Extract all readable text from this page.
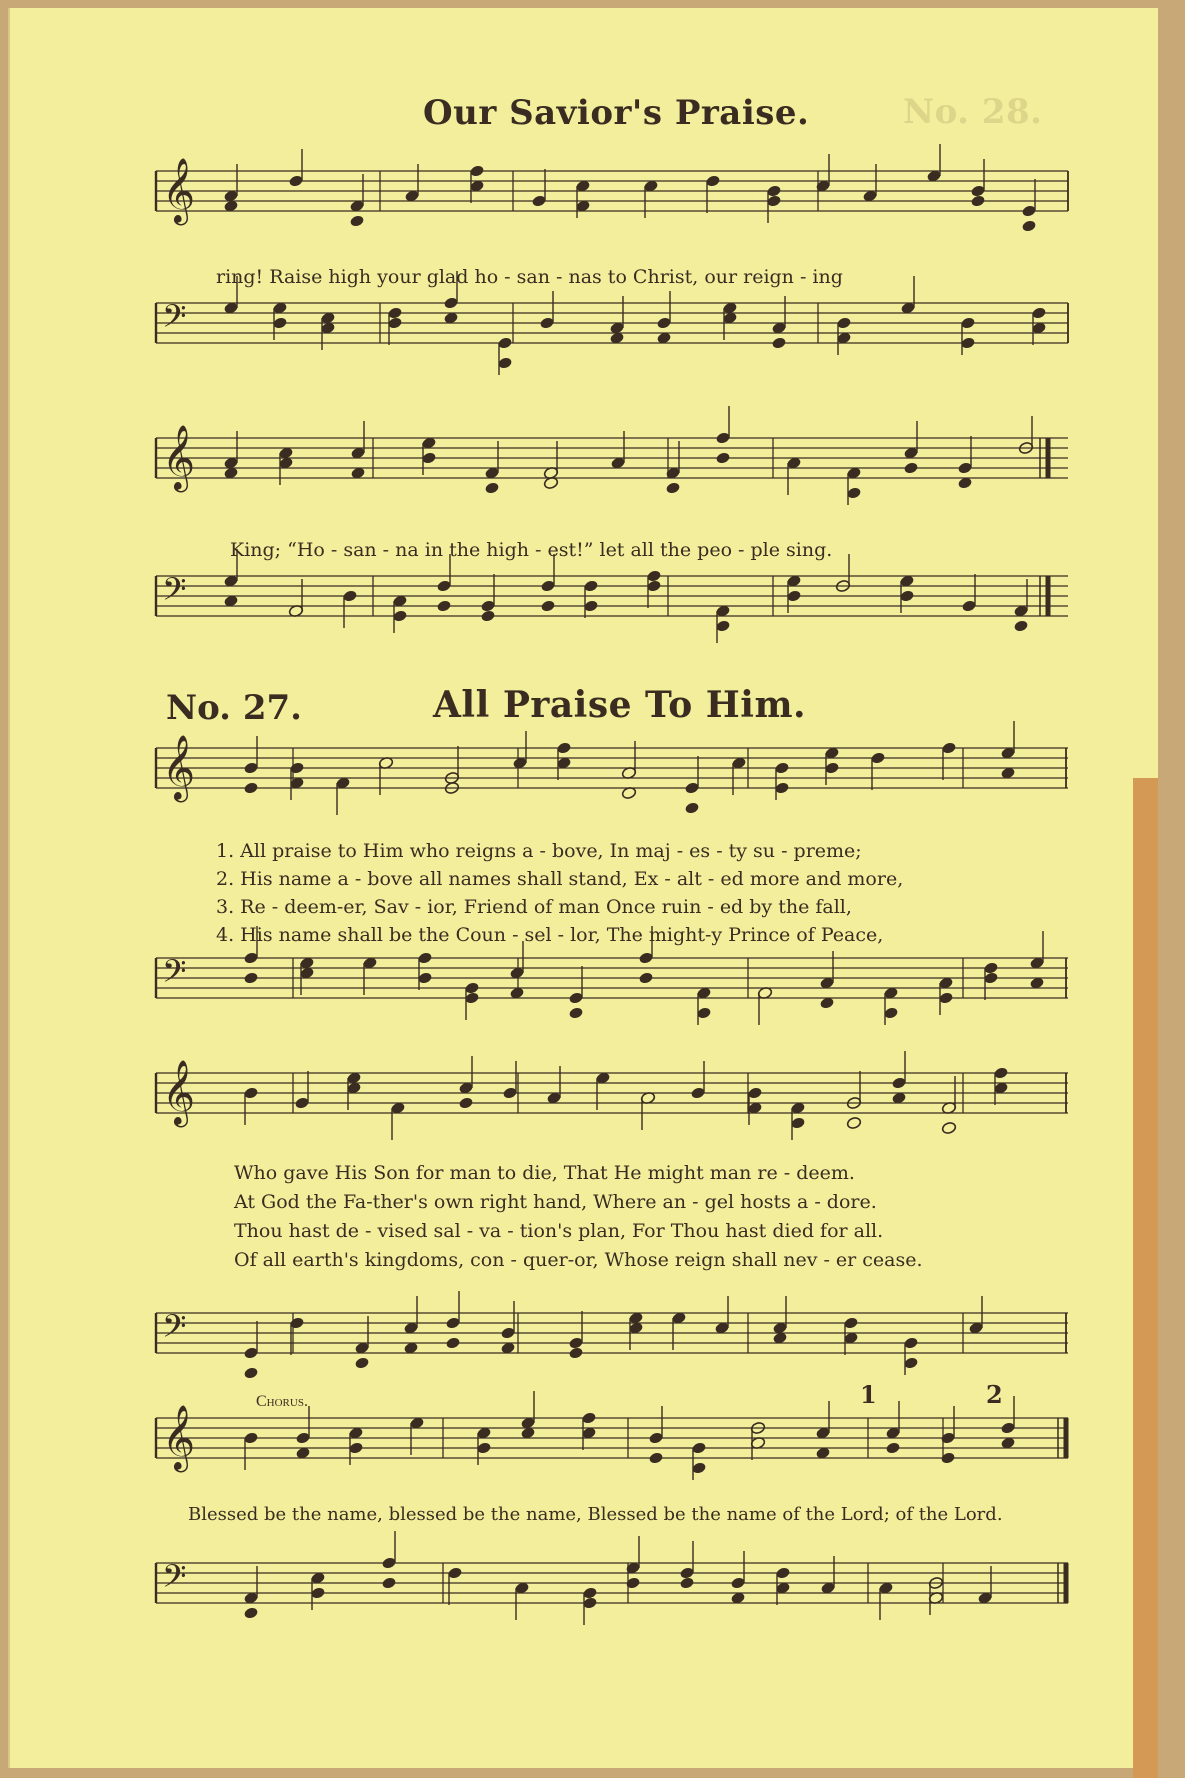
No. 28.
𝄞
𝄢
𝄞
𝄢
𝄞
𝄢
𝄞
𝄢
𝄞
𝄢
Our Savior's Praise.
ring! Raise high your glad ho - san - nas to Christ, our reign - ing
King; “Ho - san - na in the high - est!” let all the peo - ple sing.
No. 27.	All Praise To Him.
1. All praise to Him who reigns a - bove, In maj - es - ty su - preme;
2. His name a - bove all names shall stand, Ex - alt - ed more and more,
3. Re - deem-er, Sav - ior, Friend of man Once ruin - ed by the fall,
4. His name shall be the Coun - sel - lor, The might-y Prince of Peace,
Who gave His Son for man to die, That He might man re - deem.
At God the Fa-ther's own right hand, Where an - gel hosts a - dore.
Thou hast de - vised sal - va - tion's plan, For Thou hast died for all.
Of all earth's kingdoms, con - quer-or, Whose reign shall nev - er cease.
Chorus.
Blessed be the name, blessed be the name, Blessed be the name of the Lord; of the Lord.
1	2
